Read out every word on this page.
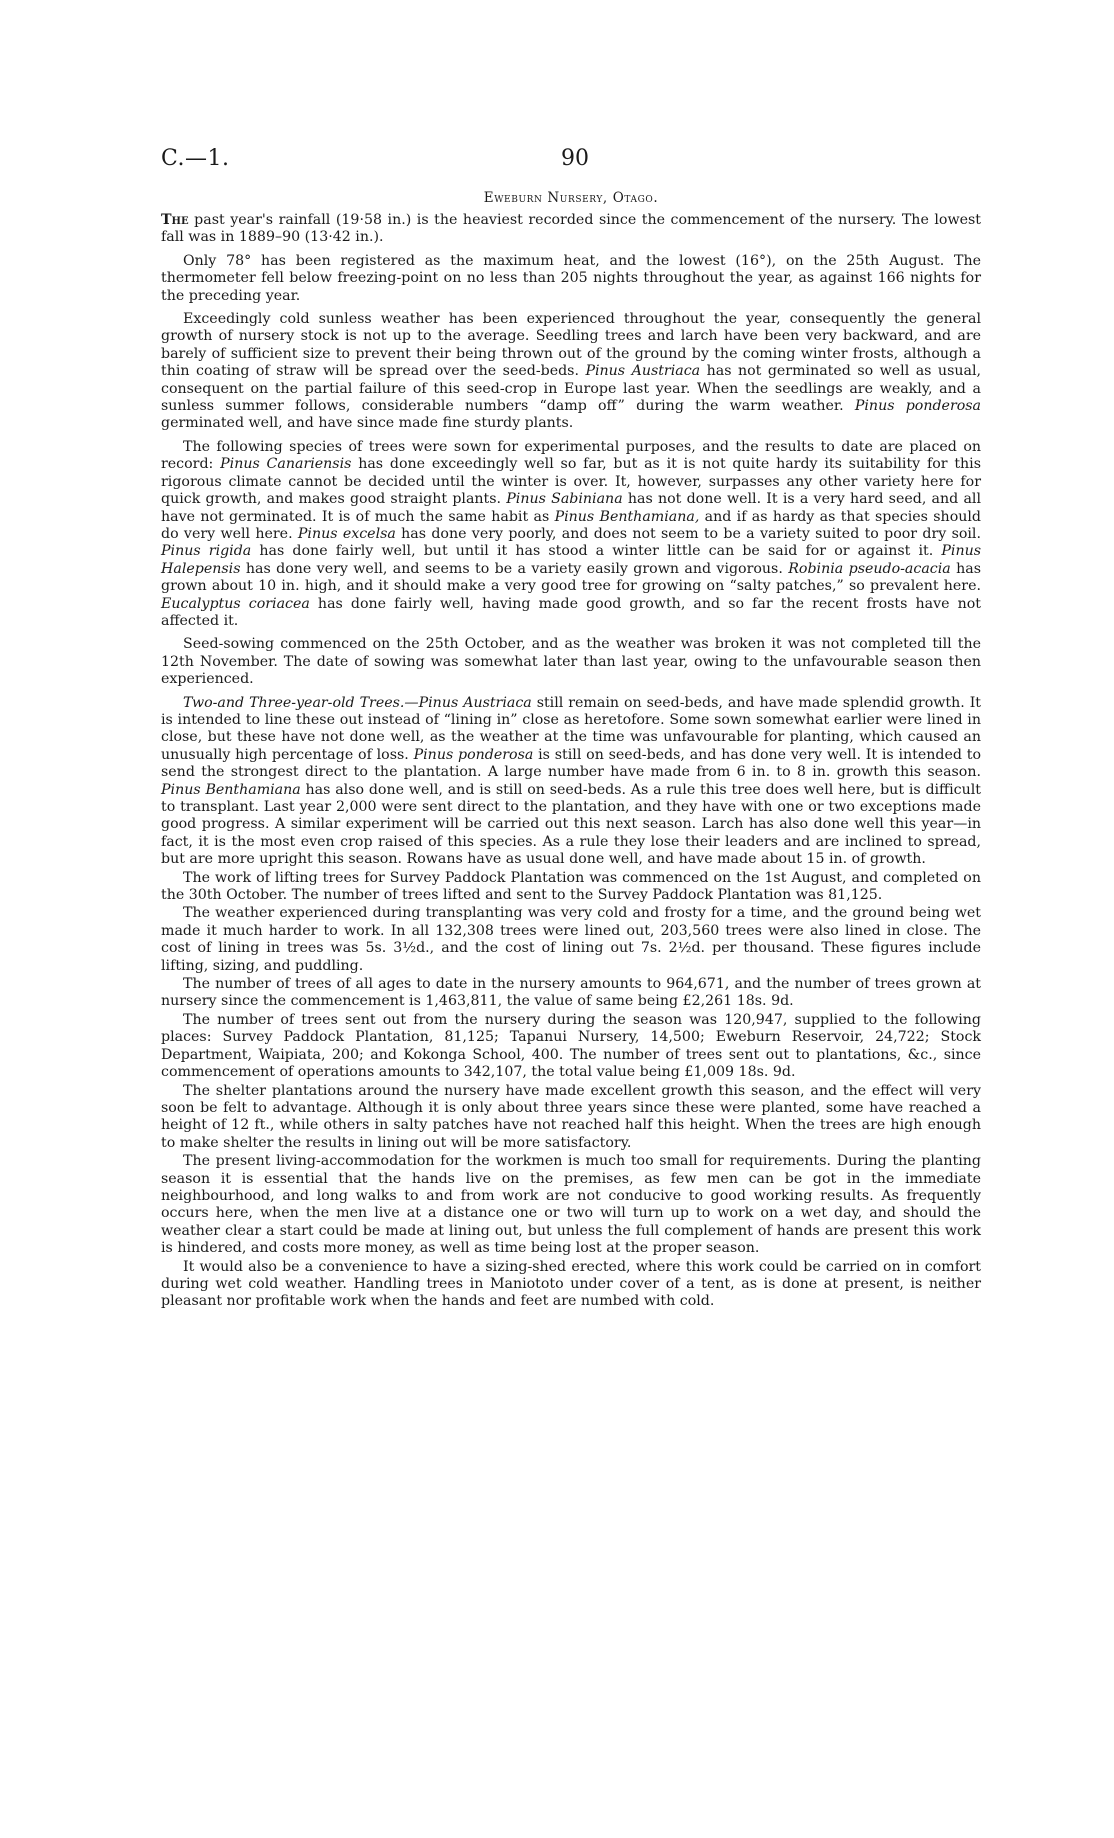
C.—1.	90
Eweburn Nursery, Otago.

The past year's rainfall (19·58 in.) is the heaviest recorded since the commencement of the nursery. The lowest fall was in 1889–90 (13·42 in.).

Only 78° has been registered as the maximum heat, and the lowest (16°), on the 25th August. The thermometer fell below freezing-point on no less than 205 nights throughout the year, as against 166 nights for the preceding year.

Exceedingly cold sunless weather has been experienced throughout the year, consequently the general growth of nursery stock is not up to the average. Seedling trees and larch have been very backward, and are barely of sufficient size to prevent their being thrown out of the ground by the coming winter frosts, although a thin coating of straw will be spread over the seed-beds. Pinus Austriaca has not germinated so well as usual, consequent on the partial failure of this seed-crop in Europe last year. When the seedlings are weakly, and a sunless summer follows, considerable numbers “damp off” during the warm weather. Pinus ponderosa germinated well, and have since made fine sturdy plants.

The following species of trees were sown for experimental purposes, and the results to date are placed on record: Pinus Canariensis has done exceedingly well so far, but as it is not quite hardy its suitability for this rigorous climate cannot be decided until the winter is over. It, however, surpasses any other variety here for quick growth, and makes good straight plants. Pinus Sabiniana has not done well. It is a very hard seed, and all have not germinated. It is of much the same habit as Pinus Benthamiana, and if as hardy as that species should do very well here. Pinus excelsa has done very poorly, and does not seem to be a variety suited to poor dry soil. Pinus rigida has done fairly well, but until it has stood a winter little can be said for or against it. Pinus Halepensis has done very well, and seems to be a variety easily grown and vigorous. Robinia pseudo-acacia has grown about 10 in. high, and it should make a very good tree for growing on “salty patches,” so prevalent here. Eucalyptus coriacea has done fairly well, having made good growth, and so far the recent frosts have not affected it.

Seed-sowing commenced on the 25th October, and as the weather was broken it was not completed till the 12th November. The date of sowing was somewhat later than last year, owing to the unfavourable season then experienced.

Two-and Three-year-old Trees.—Pinus Austriaca still remain on seed-beds, and have made splendid growth. It is intended to line these out instead of “lining in” close as heretofore. Some sown somewhat earlier were lined in close, but these have not done well, as the weather at the time was unfavourable for planting, which caused an unusually high percentage of loss. Pinus ponderosa is still on seed-beds, and has done very well. It is intended to send the strongest direct to the plantation. A large number have made from 6 in. to 8 in. growth this season. Pinus Benthamiana has also done well, and is still on seed-beds. As a rule this tree does well here, but is difficult to transplant. Last year 2,000 were sent direct to the plantation, and they have with one or two exceptions made good progress. A similar experiment will be carried out this next season. Larch has also done well this year—in fact, it is the most even crop raised of this species. As a rule they lose their leaders and are inclined to spread, but are more upright this season. Rowans have as usual done well, and have made about 15 in. of growth.

The work of lifting trees for Survey Paddock Plantation was commenced on the 1st August, and completed on the 30th October. The number of trees lifted and sent to the Survey Paddock Plantation was 81,125.

The weather experienced during transplanting was very cold and frosty for a time, and the ground being wet made it much harder to work. In all 132,308 trees were lined out, 203,560 trees were also lined in close. The cost of lining in trees was 5s. 3½d., and the cost of lining out 7s. 2½d. per thousand. These figures include lifting, sizing, and puddling.

The number of trees of all ages to date in the nursery amounts to 964,671, and the number of trees grown at nursery since the commencement is 1,463,811, the value of same being £2,261 18s. 9d.

The number of trees sent out from the nursery during the season was 120,947, supplied to the following places: Survey Paddock Plantation, 81,125; Tapanui Nursery, 14,500; Eweburn Reservoir, 24,722; Stock Department, Waipiata, 200; and Kokonga School, 400. The number of trees sent out to plantations, &c., since commencement of operations amounts to 342,107, the total value being £1,009 18s. 9d.

The shelter plantations around the nursery have made excellent growth this season, and the effect will very soon be felt to advantage. Although it is only about three years since these were planted, some have reached a height of 12 ft., while others in salty patches have not reached half this height. When the trees are high enough to make shelter the results in lining out will be more satisfactory.

The present living-accommodation for the workmen is much too small for requirements. During the planting season it is essential that the hands live on the premises, as few men can be got in the immediate neighbourhood, and long walks to and from work are not conducive to good working results. As frequently occurs here, when the men live at a distance one or two will turn up to work on a wet day, and should the weather clear a start could be made at lining out, but unless the full complement of hands are present this work is hindered, and costs more money, as well as time being lost at the proper season.

It would also be a convenience to have a sizing-shed erected, where this work could be carried on in comfort during wet cold weather. Handling trees in Maniototo under cover of a tent, as is done at present, is neither pleasant nor profitable work when the hands and feet are numbed with cold.
